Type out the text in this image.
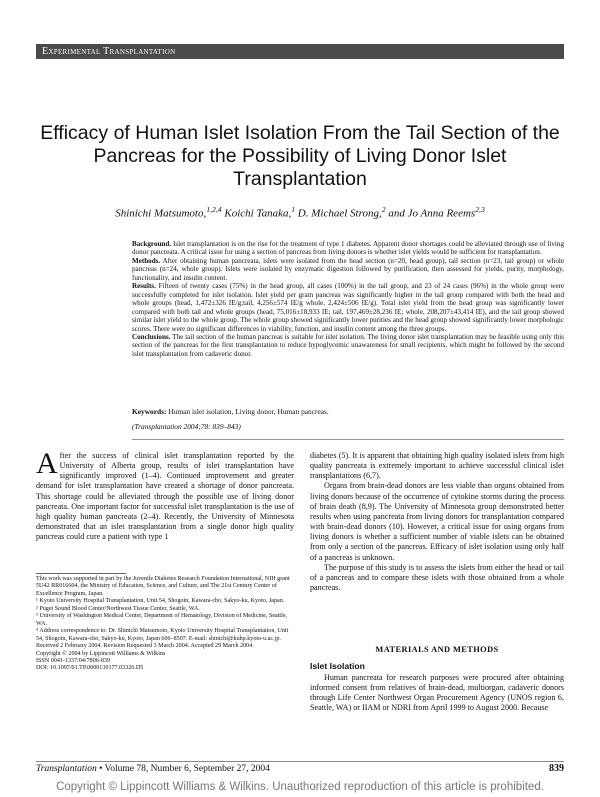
Experimental Transplantation
Efficacy of Human Islet Isolation From the Tail Section of the Pancreas for the Possibility of Living Donor Islet Transplantation
Shinichi Matsumoto,$^{1,2,4}$ Koichi Tanaka,$^1$ D. Michael Strong,$^2$ and Jo Anna Reems$^{2,3}$

Background. Islet transplantation is on the rise for the treatment of type 1 diabetes. Apparent donor shortages could be alleviated through use of living donor pancreata. A critical issue for using a section of pancreas from living donors is whether islet yields would be sufficient for transplantation.

Methods. After obtaining human pancreata, islets were isolated from the head section (n=20, head group), tail section (n=23, tail group) or whole pancreas (n=24, whole group). Islets were isolated by enzymatic digestion followed by purification, then assessed for yields, purity, morphology, functionality, and insulin content.

Results. Fifteen of twenty cases (75%) in the head group, all cases (100%) in the tail group, and 23 of 24 cases (96%) in the whole group were successfully completed for islet isolation. Islet yield per gram pancreas was significantly higher in the tail group compared with both the head and whole groups (head, 1,472±326 IE/g;tail, 4,256±574 IE/g whole, 2,424±506 IE/g). Total islet yield from the head group was significantly lower compared with both tail and whole groups (head, 75,016±18,933 IE; tail, 197,469±28,236 IE; whole, 208,207±43,414 IE), and the tail group showed similar islet yield to the whole group. The whole group showed significantly lower purities and the head group showed significantly lower morphologic scores. There were no significant differences in viability, function, and insulin content among the three groups.

Conclusions. The tail section of the human pancreas is suitable for islet isolation. The living donor islet transplantation may be feasible using only this section of the pancreas for the first transplantation to reduce hypoglycemic unawareness for small recipients, which might be followed by the second islet transplantation from cadaveric donor.

Keywords: Human islet isolation, Living donor, Human pancreas.
(Transplantation 2004;78: 839–843)

After the success of clinical islet transplantation reported by the University of Alberta group, results of islet transplantation have significantly improved (1–4). Continued improvement and greater demand for islet transplantation have created a shortage of donor pancreata. This shortage could be alleviated through the possible use of living donor pancreata. One important factor for successful islet transplantation is the use of high quality human pancreata (2–4). Recently, the University of Minnesota demonstrated that an islet transplantation from a single donor high quality pancreas could cure a patient with type 1

This work was supported in part by the Juvenile Diabetes Research Foundation International, NIH grant 5U42 RR016604, the Ministry of Education, Science, and Culture, and The 21st Century Center of Excellence Program, Japan.

¹ Kyoto University Hospital Transplantation, Unit 54, Shogoin, Kawara-cho, Sakyo-ku, Kyoto, Japan.

² Puget Sound Blood Center/Northwest Tissue Center, Seattle, WA.

³ University of Washington Medical Center, Department of Hematology, Division of Medicine, Seattle, WA.

⁴ Address correspondence to: Dr. Shinichi Matsumoto, Kyoto University Hospital Transplantation, Unit 54, Shogoin, Kawara-cho, Sakyo-ku, Kyoto, Japan 606–8507. E-mail: shinichi@kuhp.kyoto-u.ac.jp.

Received 2 February 2004. Revision Requested 3 March 2004. Accepted 29 March 2004.

Copyright © 2004 by Lippincott Williams & Wilkins

ISSN 0041-1337/04/7806-839

DOI: 10.1097/01.TP.0000130177.03326.D5

diabetes (5). It is apparent that obtaining high quality isolated islets from high quality pancreata is extremely important to achieve successful clinical islet transplantations (6,7).

Organs from brain-dead donors are less viable than organs obtained from living donors because of the occurrence of cytokine storms during the process of brain death (8,9). The University of Minnesota group demonstrated better results when using pancreata from living donors for transplantation compared with brain-dead donors (10). However, a critical issue for using organs from living donors is whether a sufficient number of viable islets can be obtained from only a section of the pancreas. Efficacy of islet isolation using only half of a pancreas is unknown.

The purpose of this study is to assess the islets from either the head or tail of a pancreas and to compare these islets with those obtained from a whole pancreas.

MATERIALS AND METHODS
Islet Isolation

Human pancreata for research purposes were procured after obtaining informed consent from relatives of brain-dead, multiorgan, cadaveric donors through Life Center Northwest Organ Procurement Agency (UNOS region 6, Seattle, WA) or IIAM or NDRI from April 1999 to August 2000. Because

Transplantation • Volume 78, Number 6, September 27, 2004	839
Copyright © Lippincott Williams & Wilkins. Unauthorized reproduction of this article is prohibited.
